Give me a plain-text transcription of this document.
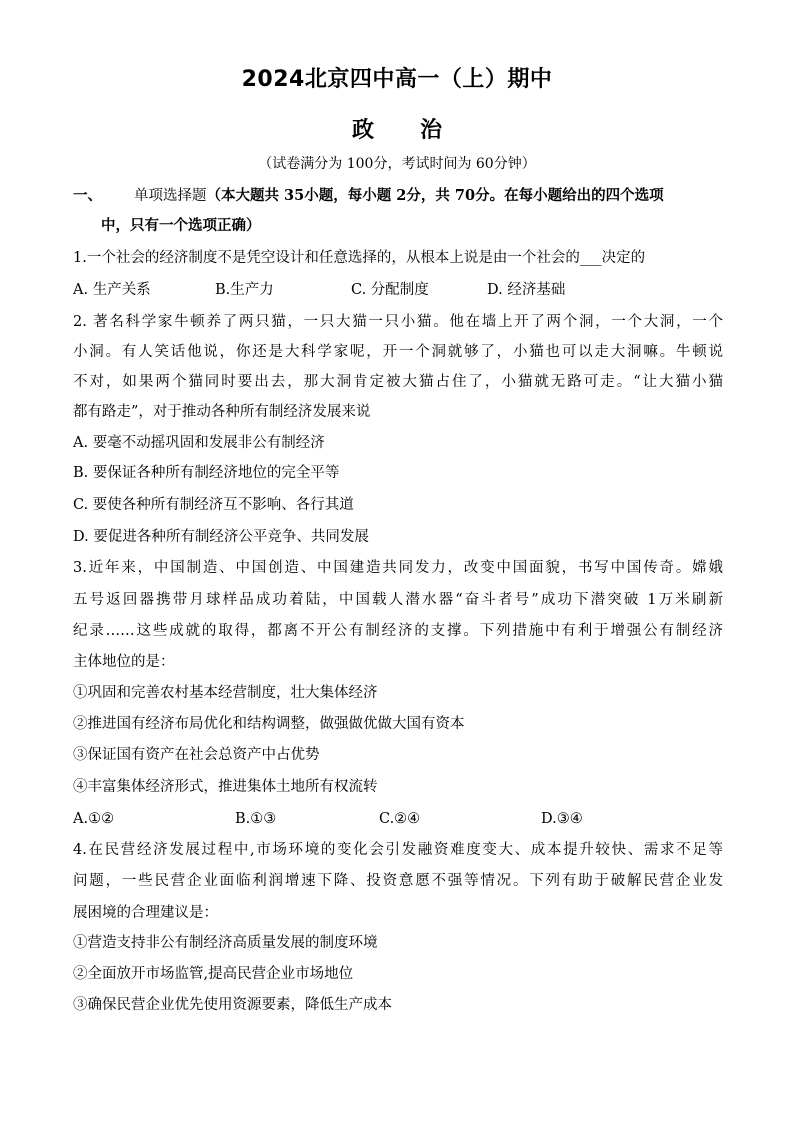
2024北京四中高一（上）期中
政治
（试卷满分为 100分，考试时间为 60分钟）
一、 单项选择题（本大题共 35小题，每小题 2分，共 70分。在每小题给出的四个选项
中，只有一个选项正确）
1.一个社会的经济制度不是凭空设计和任意选择的，从根本上说是由一个社会的___决定的
A. 生产关系	B.生产力	C. 分配制度	D. 经济基础
2. 著名科学家牛顿养了两只猫，一只大猫一只小猫。他在墙上开了两个洞，一个大洞，一个
小洞。有人笑话他说，你还是大科学家呢，开一个洞就够了，小猫也可以走大洞嘛。牛顿说
不对，如果两个猫同时要出去，那大洞肯定被大猫占住了，小猫就无路可走。“让大猫小猫
都有路走”，对于推动各种所有制经济发展来说
A. 要毫不动摇巩固和发展非公有制经济
B. 要保证各种所有制经济地位的完全平等
C. 要使各种所有制经济互不影响、各行其道
D. 要促进各种所有制经济公平竞争、共同发展
3.近年来，中国制造、中国创造、中国建造共同发力，改变中国面貌，书写中国传奇。嫦娥
五号返回器携带月球样品成功着陆，中国载人潜水器“奋斗者号”成功下潜突破 1万米刷新
纪录……这些成就的取得，都离不开公有制经济的支撑。下列措施中有利于增强公有制经济
主体地位的是：
①巩固和完善农村基本经营制度，壮大集体经济
②推进国有经济布局优化和结构调整，做强做优做大国有资本
③保证国有资产在社会总资产中占优势
④丰富集体经济形式，推进集体土地所有权流转
A.①②	B.①③	C.②④	D.③④
4.在民营经济发展过程中,市场环境的变化会引发融资难度变大、成本提升较快、需求不足等
问题，一些民营企业面临利润增速下降、投资意愿不强等情况。下列有助于破解民营企业发
展困境的合理建议是：
①营造支持非公有制经济高质量发展的制度环境
②全面放开市场监管,提高民营企业市场地位
③确保民营企业优先使用资源要素，降低生产成本
